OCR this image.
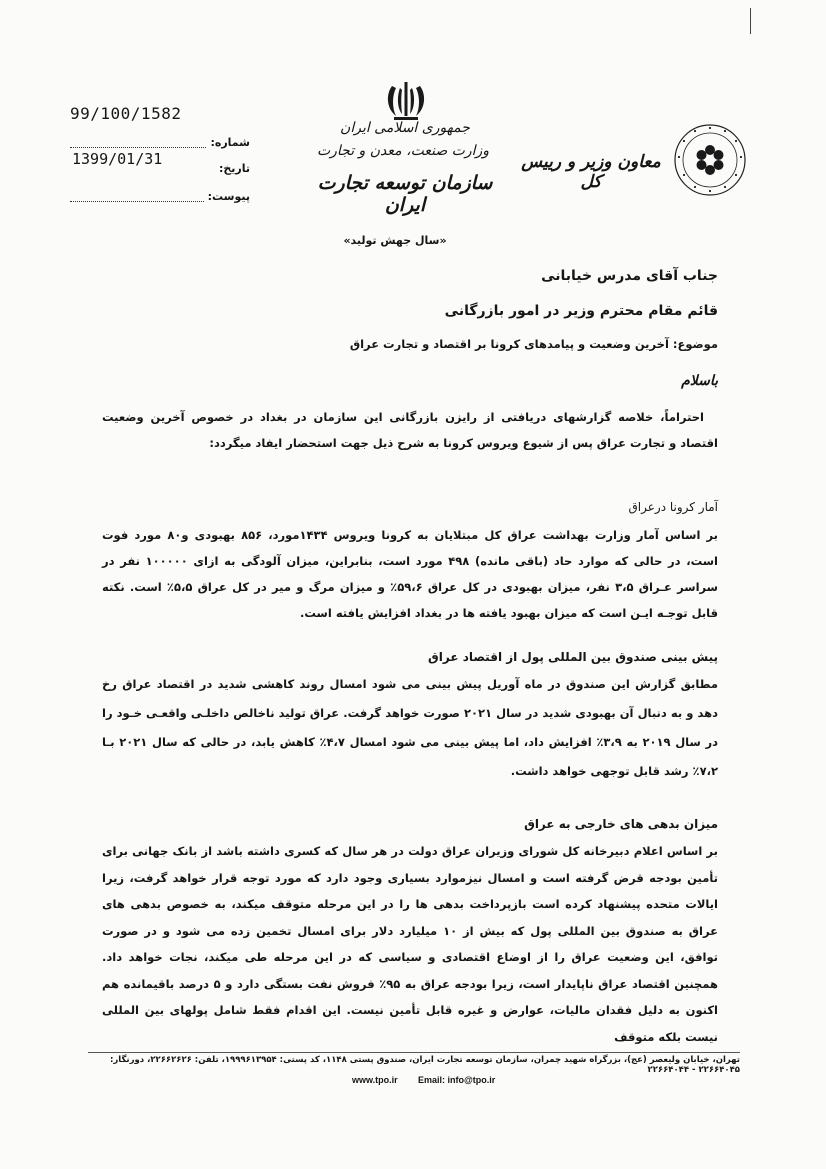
99/100/1582
شماره:
تاریخ:
1399/01/31
پیوست:
جمهوری اسلامی ایران
وزارت صنعت، معدن و تجارت
سازمان توسعه تجارت ایران
«سال جهش تولید»
معاون وزیر و رییس کل
جناب آقای مدرس خیابانی
قائم مقام محترم وزیر در امور بازرگانی
موضوع: آخرین وضعیت و پیامدهای کرونا بر اقتصاد و تجارت عراق
باسلام
احتراماً، خلاصه گزارشهای دریافتی از رایزن بازرگانی این سازمان در بغداد در خصوص آخرین وضعیت اقتصاد و تجارت عراق پس از شیوع ویروس کرونا به شرح ذیل جهت استحضار ایفاد میگردد:
آمار کرونا درعراق
بر اساس آمار وزارت بهداشت عراق کل مبتلایان به کرونا ویروس ۱۴۳۴مورد، ۸۵۶ بهبودی و۸۰ مورد فوت است، در حالی که موارد حاد (باقی مانده) ۴۹۸ مورد است، بنابراین، میزان آلودگی به ازای ۱۰۰۰۰۰ نفر در سراسر عـراق ۳،۵ نفر، میزان بهبودی در کل عراق ۵۹،۶٪ و میزان مرگ و میر در کل عراق ۵،۵٪ است. نکته قابل توجـه ایـن است که میزان بهبود یافته ها در بغداد افزایش یافته است.
پیش بینی صندوق بین المللی پول از اقتصاد عراق
مطابق گزارش این صندوق در ماه آوریل پیش بینی می شود امسال روند کاهشی شدید در اقتصاد عراق رخ دهد و به دنبال آن بهبودی شدید در سال ۲۰۲۱ صورت خواهد گرفت. عراق تولید ناخالص داخلـی واقعـی خـود را در سال ۲۰۱۹ به ۳،۹٪ افزایش داد، اما پیش بینی می شود امسال ۴،۷٪ کاهش یابد، در حالی که سال ۲۰۲۱ بـا ۷،۲٪ رشد قابل توجهی خواهد داشت.
میزان بدهی های خارجی به عراق
بر اساس اعلام دبیرخانه کل شورای وزیران عراق دولت در هر سال که کسری داشته باشد از بانک جهانی برای تأمین بودجه قرض گرفته است و امسال نیزموارد بسیاری وجود دارد که مورد توجه قرار خواهد گرفت، زیرا ایالات متحده پیشنهاد کرده است بازپرداخت بدهی ها را در این مرحله متوقف میکند، به خصوص بدهی های عراق به صندوق بین المللی پول که بیش از ۱۰ میلیارد دلار برای امسال تخمین زده می شود و در صورت توافق، این وضعیت عراق را از اوضاع اقتصادی و سیاسی که در این مرحله طی میکند، نجات خواهد داد. همچنین اقتصاد عراق ناپایدار است، زیرا بودجه عراق به ۹۵٪ فروش نفت بستگی دارد و ۵ درصد باقیمانده هم اکنون به دلیل فقدان مالیات، عوارض و غیره قابل تأمین نیست. این اقدام فقط شامل پولهای بین المللی نیست بلکه متوقف
تهران، خیابان ولیعصر (عج)، بزرگراه شهید چمران، سازمان توسعه تجارت ایران، صندوق پستی ۱۱۴۸، کد پستی: ۱۹۹۹۶۱۳۹۵۴، تلفن: ۲۲۶۶۲۶۲۶، دورنگار: ۲۲۶۶۴۰۴۵ - ۲۲۶۶۴۰۴۴
www.tpo.ir Email: info@tpo.ir
